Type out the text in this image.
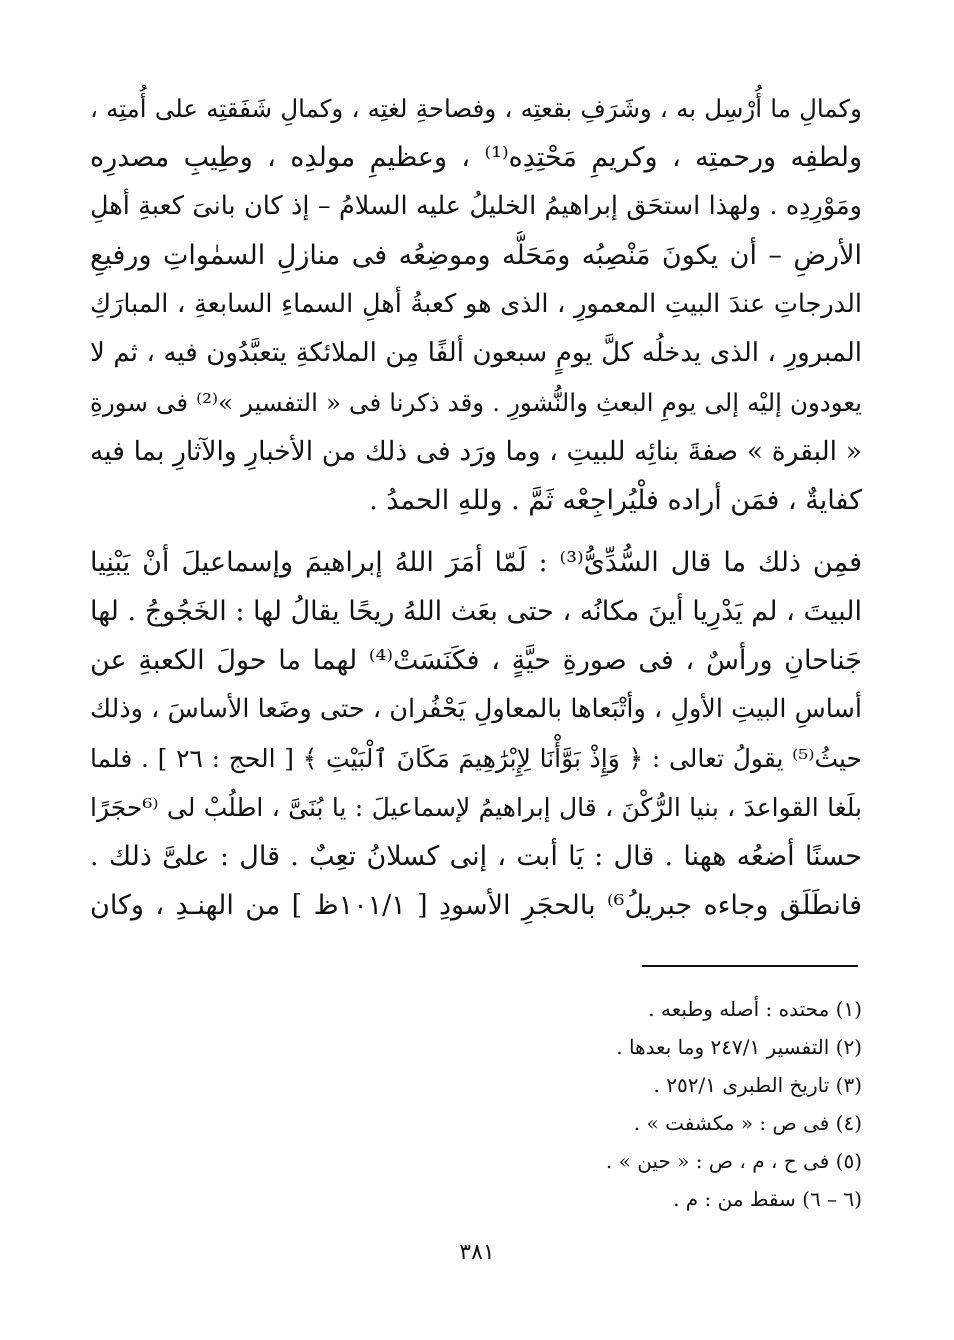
وكمالِ ما أُرْسِل به ، وشَرَفِ بقعتِه ، وفصاحةِ لغتِه ، وكمالِ شَفَقتِه على أُمتِه ،
ولطفِه ورحمتِه ، وكريمِ مَحْتِدِه⁽¹⁾ ، وعظيمِ مولدِه ، وطِيبِ مصدرِه
ومَوْرِدِه . ولهذا استحَق إبراهيمُ الخليلُ عليه السلامُ – إذ كان بانىَ كعبةِ أهلِ
الأرضِ – أن يكونَ مَنْصِبُه ومَحَلُّه وموضِعُه فى منازلِ السمٰواتِ ورفيعِ
الدرجاتِ عندَ البيتِ المعمورِ ، الذى هو كعبةُ أهلِ السماءِ السابعةِ ، المبارَكِ
المبرورِ ، الذى يدخلُه كلَّ يومٍ سبعون ألفًا مِن الملائكةِ يتعبَّدُون فيه ، ثم لا
يعودون إليْه إلى يومِ البعثِ والنُّشورِ . وقد ذكرنا فى « التفسير »⁽²⁾ فى سورةِ
« البقرة » صفةَ بنائِه للبيتِ ، وما ورَد فى ذلك من الأخبارِ والآثارِ بما فيه
كفايةٌ ، فمَن أراده فلْيُراجِعْه ثَمَّ . وللهِ الحمدُ .
فمِن ذلك ما قال السُّدِّىُّ⁽³⁾ : لَمّا أمَرَ اللهُ إبراهيمَ وإسماعيلَ أنْ يَبْنِيا
البيتَ ، لم يَدْرِيا أينَ مكانُه ، حتى بعَث اللهُ ريحًا يقالُ لها : الخَجُوجُ . لها
جَناحانِ ورأسٌ ، فى صورةِ حيَّةٍ ، فكَنَسَتْ⁽⁴⁾ لهما ما حولَ الكعبةِ عن
أساسِ البيتِ الأولِ ، وأتْبَعاها بالمعاولِ يَحْفُران ، حتى وضَعا الأساسَ ، وذلك
حيثُ⁽⁵⁾ يقولُ تعالى : ﴿ وَإِذْ بَوَّأْنَا لِإِبْرَٰهِيمَ مَكَانَ ٱلْبَيْتِ ﴾ [ الحج : ٢٦ ] . فلما
بلَغا القواعدَ ، بنيا الرُّكْنَ ، قال إبراهيمُ لإسماعيلَ : يا بُنَىَّ ، اطلُبْ لى ⁽⁶حجَرًا
حسنًا أضعُه ههنا . قال : يَا أبت ، إنى كسلانُ تعِبٌ . قال : علىَّ ذلك .
فانطَلَق وجاءه جبريلُ⁶⁾ بالحجَرِ الأسودِ [ ١٠١/١ظ ] من الهنـدِ ، وكان
(١) محتده : أصله وطبعه .
(٢) التفسير ٢٤٧/١ وما بعدها .
(٣) تاريخ الطبرى ٢٥٢/١ .
(٤) فى ص : « مكشفت » .
(٥) فى ح ، م ، ص : « حين » .
(٦ – ٦) سقط من : م .
٣٨١
